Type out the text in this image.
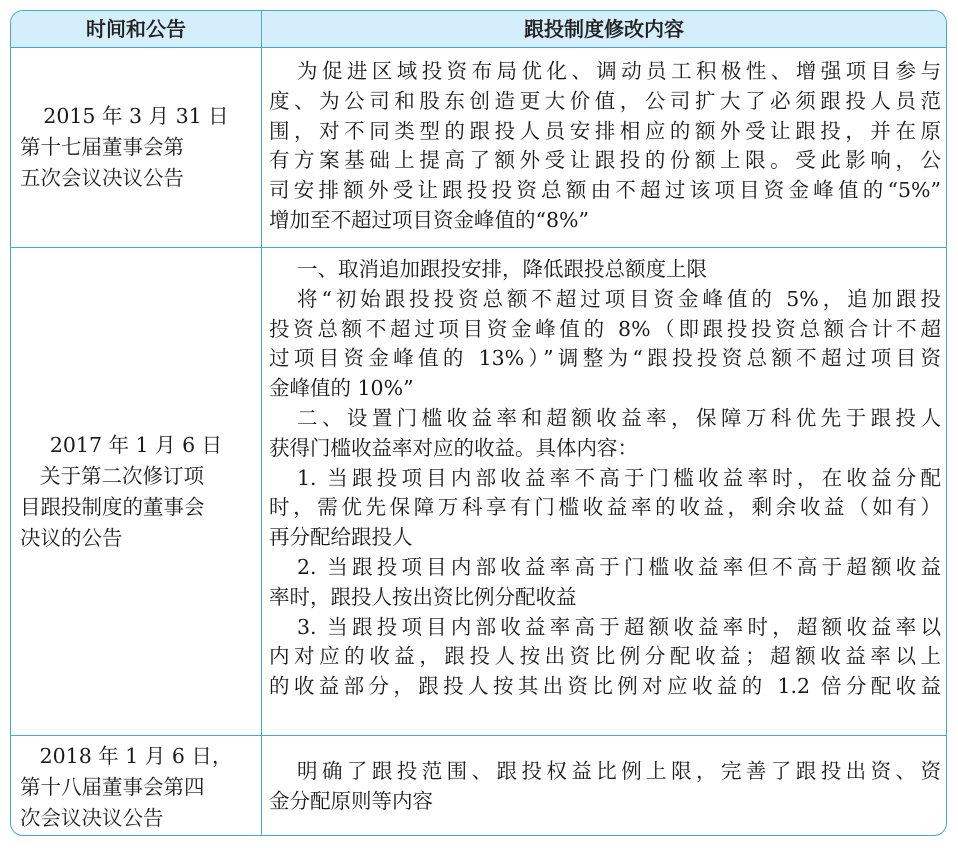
时间和公告	跟投制度修改内容
2015 年 3 月 31 日
第十七届董事会第
五次会议决议公告
为促进区域投资布局优化、调动员工积极性、增强项目参与
度、为公司和股东创造更大价值，公司扩大了必须跟投人员范
围，对不同类型的跟投人员安排相应的额外受让跟投，并在原
有方案基础上提高了额外受让跟投的份额上限。受此影响，公
司安排额外受让跟投投资总额由不超过该项目资金峰值的“5%”
增加至不超过项目资金峰值的“8%”
2017 年 1 月 6 日
关于第二次修订项
目跟投制度的董事会
决议的公告
一、取消追加跟投安排，降低跟投总额度上限
将“初始跟投投资总额不超过项目资金峰值的 5%，追加跟投
投资总额不超过项目资金峰值的 8%（即跟投投资总额合计不超
过项目资金峰值的 13%）”调整为“跟投投资总额不超过项目资
金峰值的 10%”
二、设置门槛收益率和超额收益率，保障万科优先于跟投人
获得门槛收益率对应的收益。具体内容：
1. 当跟投项目内部收益率不高于门槛收益率时，在收益分配
时，需优先保障万科享有门槛收益率的收益，剩余收益（如有）
再分配给跟投人
2. 当跟投项目内部收益率高于门槛收益率但不高于超额收益
率时，跟投人按出资比例分配收益
3. 当跟投项目内部收益率高于超额收益率时，超额收益率以
内对应的收益，跟投人按出资比例分配收益；超额收益率以上
的收益部分，跟投人按其出资比例对应收益的 1.2 倍分配收益
2018 年 1 月 6 日，
第十八届董事会第四
次会议决议公告
明确了跟投范围、跟投权益比例上限，完善了跟投出资、资
金分配原则等内容
